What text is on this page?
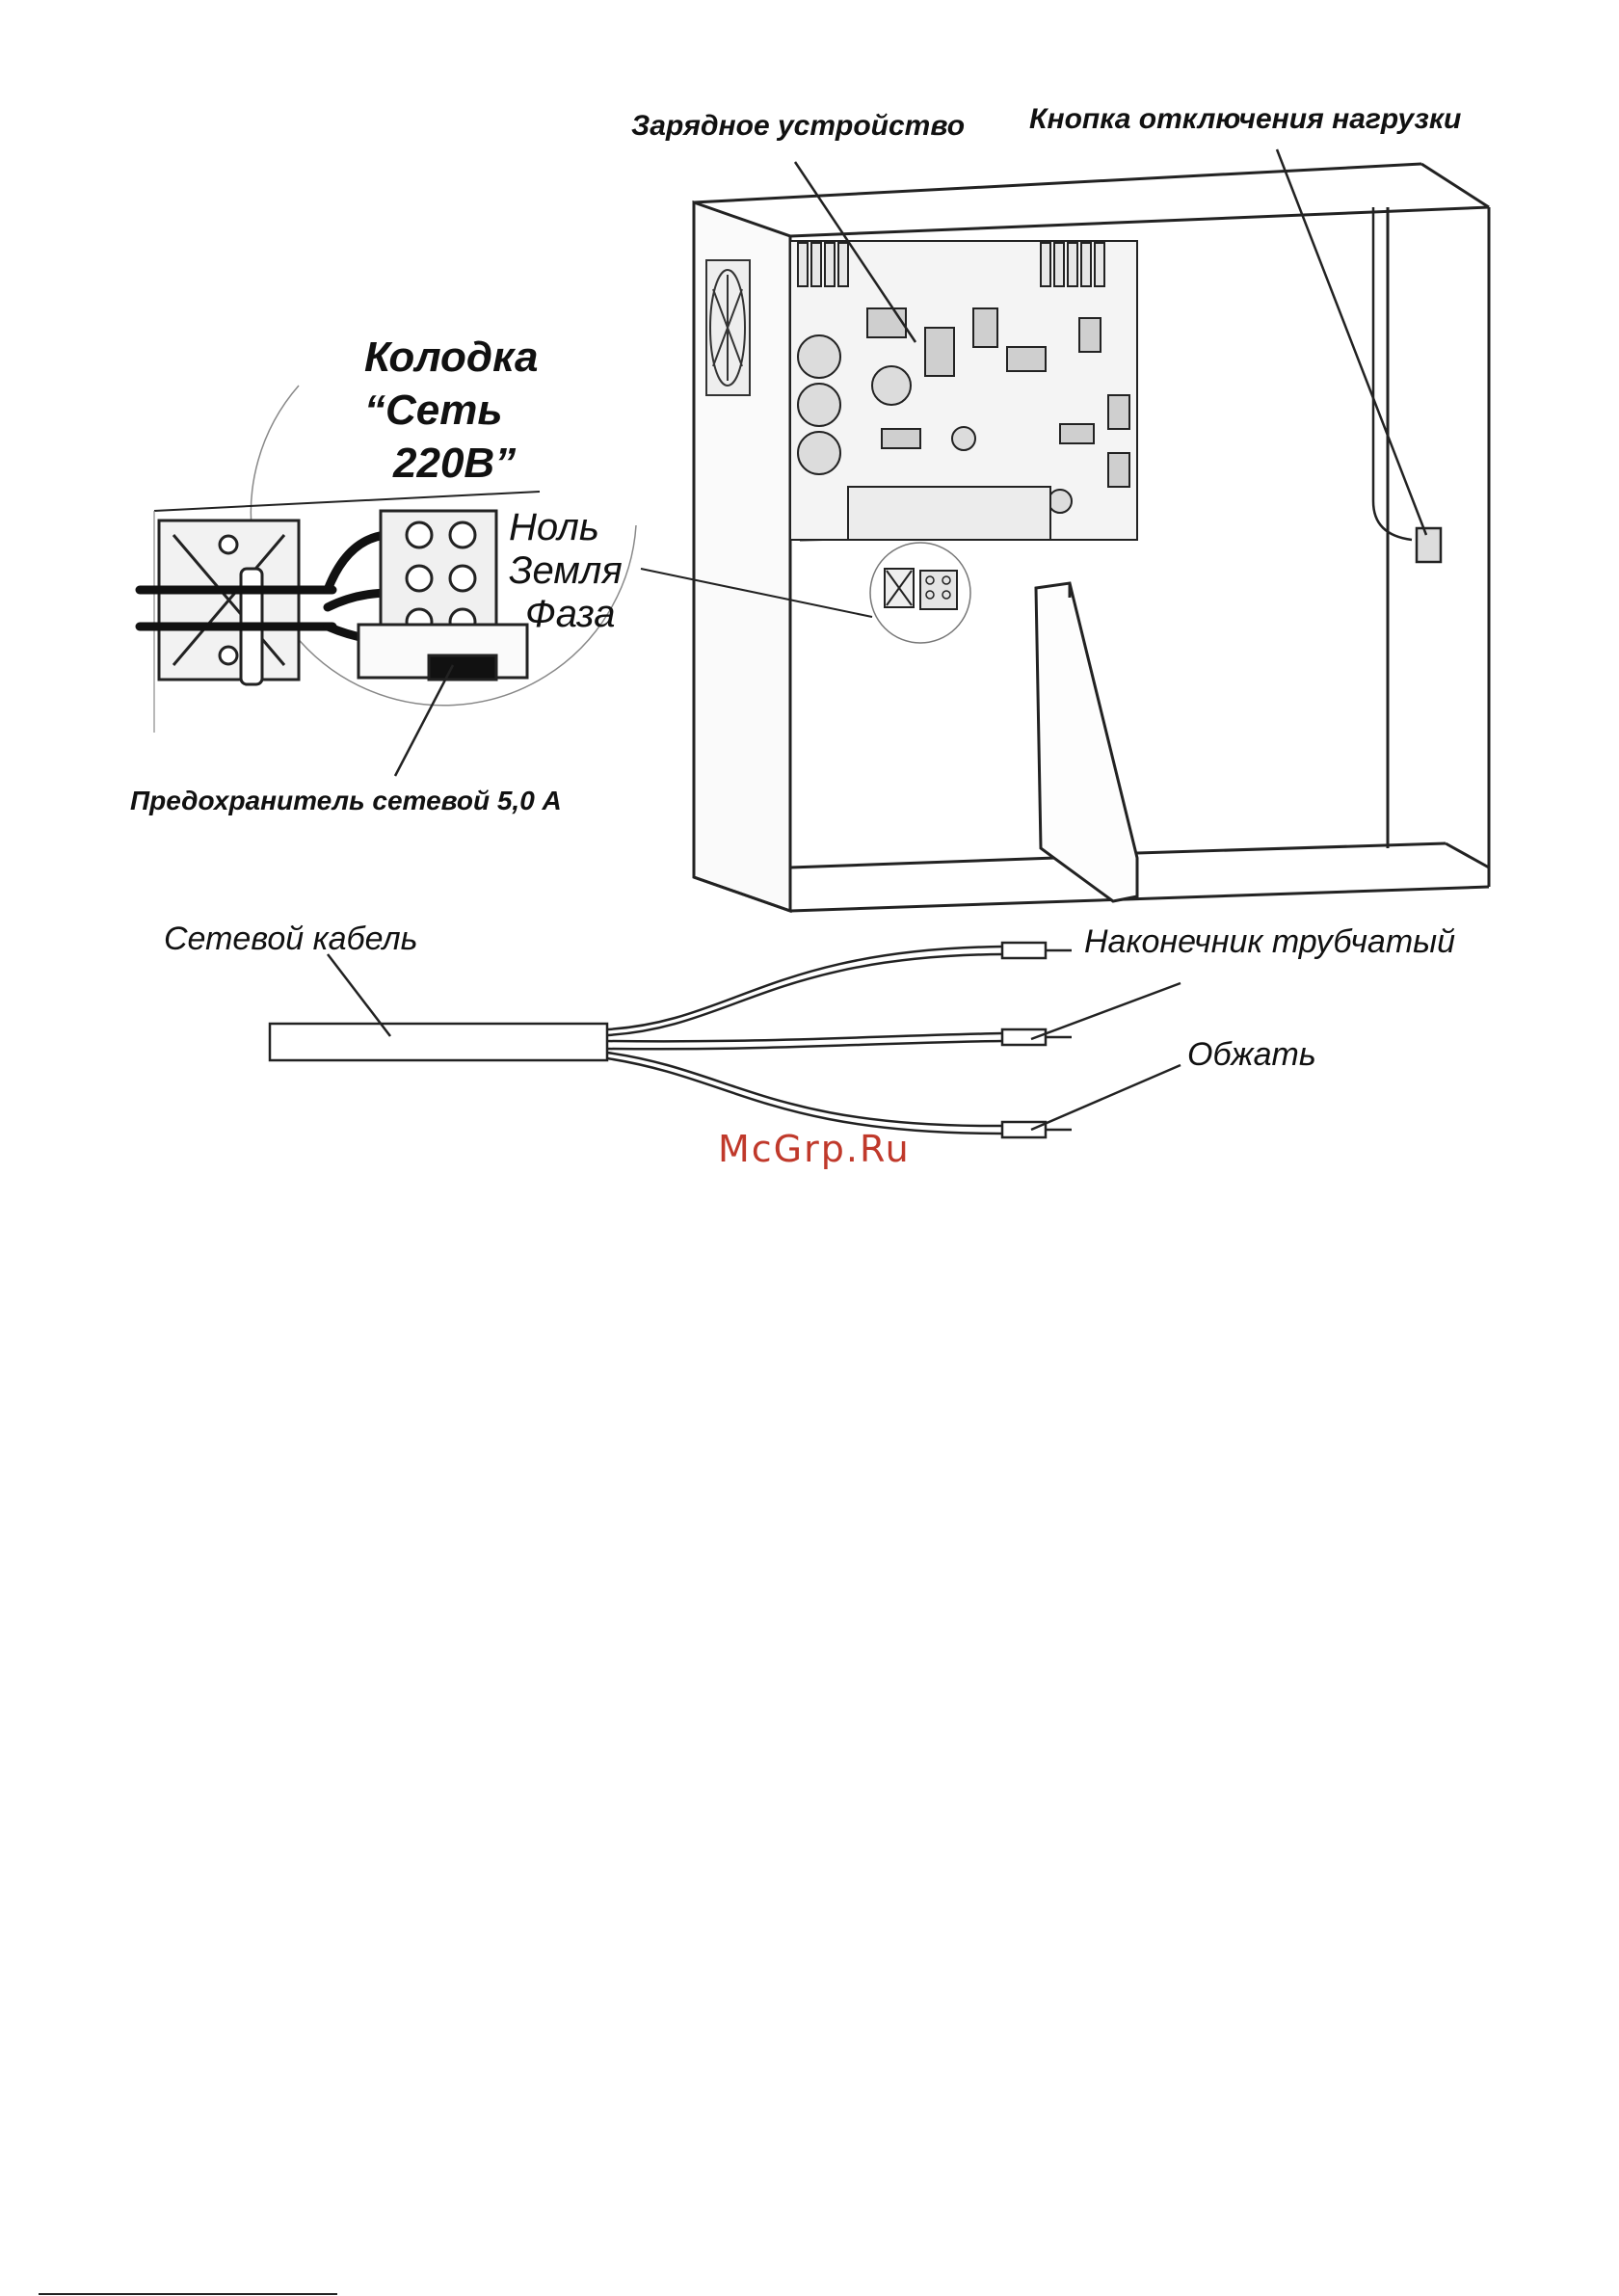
Зарядное устройство Кнопка отключения нагрузки
Колодка
“Сеть
220В”
Ноль
Земля
Фаза
Предохранитель сетевой 5,0 А
Сетевой кабель	Наконечник трубчатый
Обжать
McGrp.Ru
